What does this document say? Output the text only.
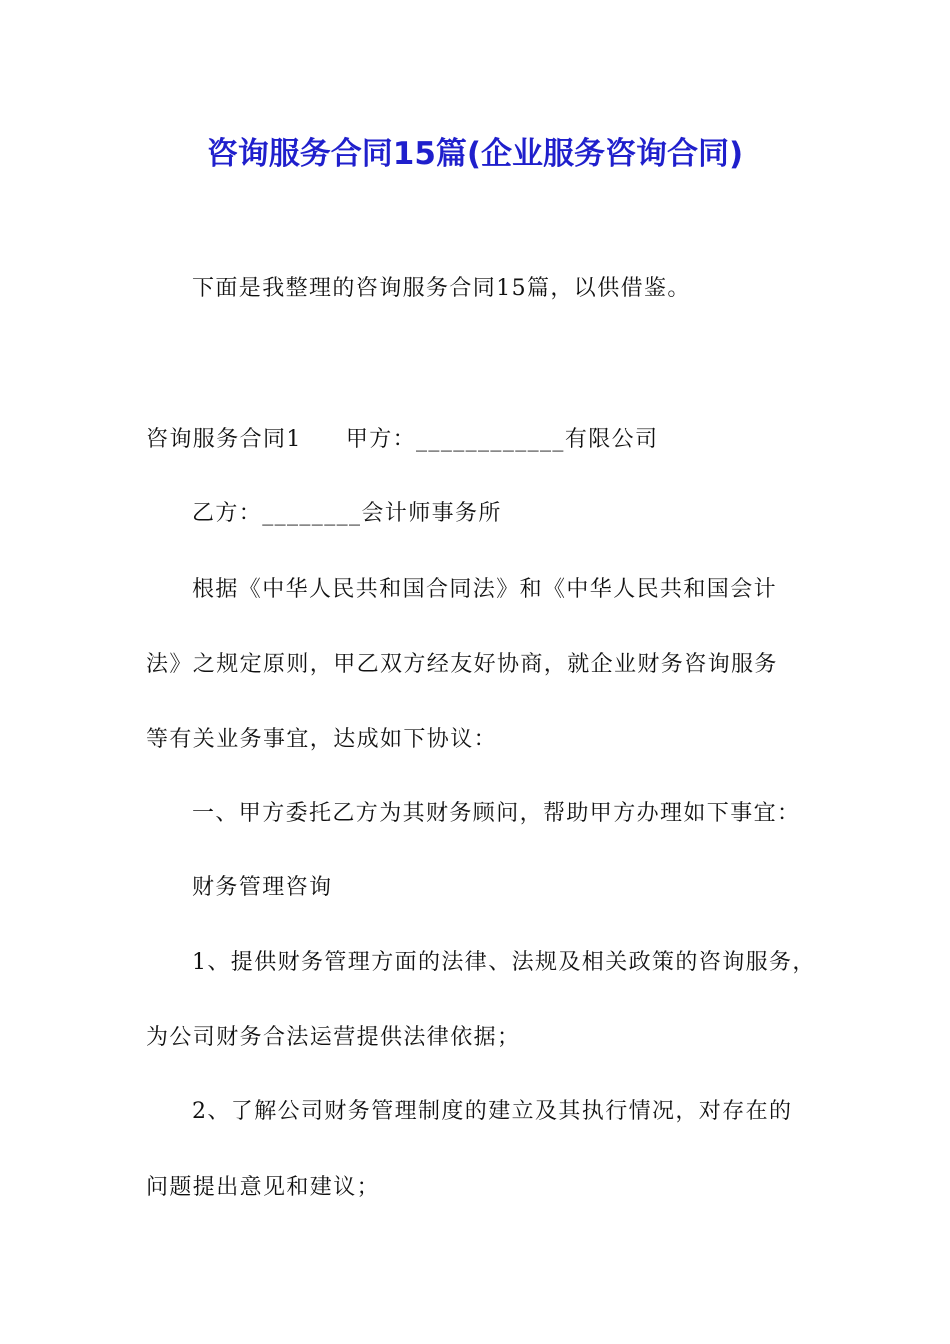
咨询服务合同15篇(企业服务咨询合同)
下面是我整理的咨询服务合同15篇，以供借鉴。
咨询服务合同1 甲方：____________有限公司
乙方：________会计师事务所
根据《中华人民共和国合同法》和《中华人民共和国会计
法》之规定原则，甲乙双方经友好协商，就企业财务咨询服务
等有关业务事宜，达成如下协议：
一、甲方委托乙方为其财务顾问，帮助甲方办理如下事宜：
财务管理咨询
1、提供财务管理方面的法律、法规及相关政策的咨询服务，
为公司财务合法运营提供法律依据；
2、了解公司财务管理制度的建立及其执行情况，对存在的
问题提出意见和建议；
